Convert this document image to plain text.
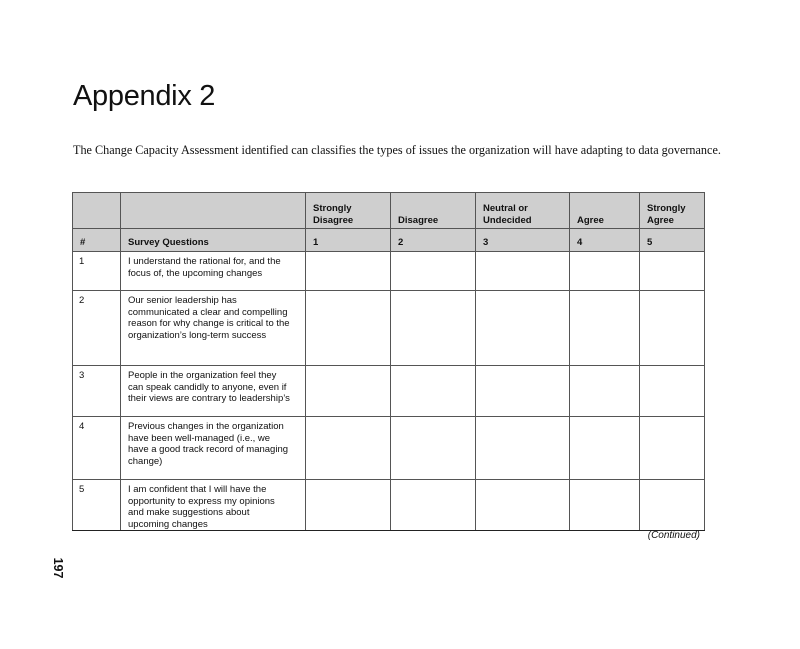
Appendix 2
The Change Capacity Assessment identified can classifies the types of issues the organization will have adapting to data governance.
		Strongly Disagree	Disagree	Neutral or Undecided	Agree	Strongly Agree
#	Survey Questions	1	2	3	4	5
1	I understand the rational for, and the focus of, the upcoming changes					

2	Our senior leadership has communicated a clear and compelling reason for why change is critical to the organization’s long-term success					

3	People in the organization feel they can speak candidly to anyone, even if their views are contrary to leadership’s					

4	Previous changes in the organization have been well-managed (i.e., we have a good track record of managing change)					

5	I am confident that I will have the opportunity to express my opinions and make suggestions about upcoming changes					

(Continued)
197
